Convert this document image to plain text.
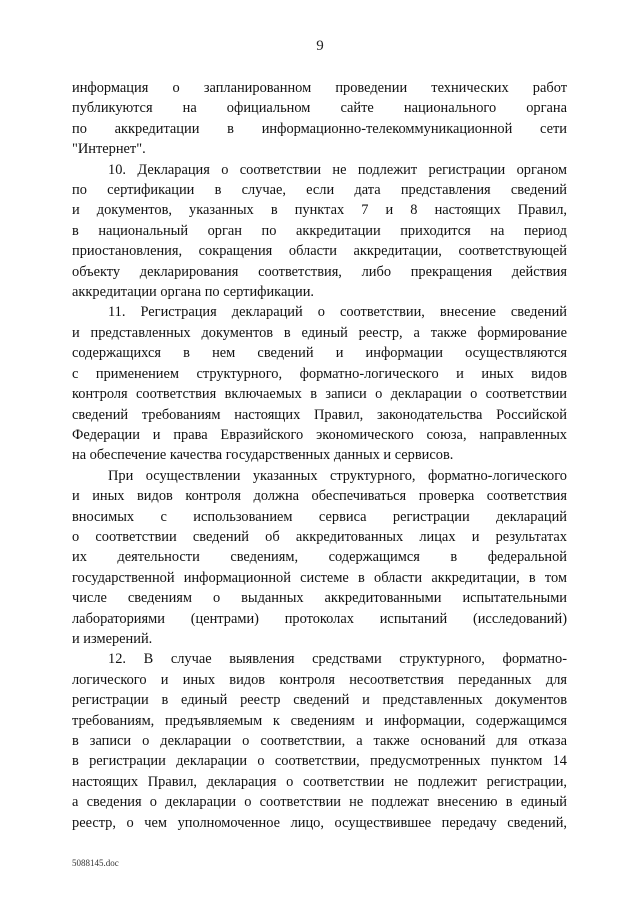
9
информация о запланированном проведении технических работ
публикуются на официальном сайте национального органа
по аккредитации в информационно-телекоммуникационной сети
"Интернет".
10. Декларация о соответствии не подлежит регистрации органом
по сертификации в случае, если дата представления сведений
и документов, указанных в пунктах 7 и 8 настоящих Правил,
в национальный орган по аккредитации приходится на период
приостановления, сокращения области аккредитации, соответствующей
объекту декларирования соответствия, либо прекращения действия
аккредитации органа по сертификации.
11. Регистрация деклараций о соответствии, внесение сведений
и представленных документов в единый реестр, а также формирование
содержащихся в нем сведений и информации осуществляются
с применением структурного, форматно-логического и иных видов
контроля соответствия включаемых в записи о декларации о соответствии
сведений требованиям настоящих Правил, законодательства Российской
Федерации и права Евразийского экономического союза, направленных
на обеспечение качества государственных данных и сервисов.
При осуществлении указанных структурного, форматно-логического
и иных видов контроля должна обеспечиваться проверка соответствия
вносимых с использованием сервиса регистрации деклараций
о соответствии сведений об аккредитованных лицах и результатах
их деятельности сведениям, содержащимся в федеральной
государственной информационной системе в области аккредитации, в том
числе сведениям о выданных аккредитованными испытательными
лабораториями (центрами) протоколах испытаний (исследований)
и измерений.
12. В случае выявления средствами структурного, форматно-
логического и иных видов контроля несоответствия переданных для
регистрации в единый реестр сведений и представленных документов
требованиям, предъявляемым к сведениям и информации, содержащимся
в записи о декларации о соответствии, а также оснований для отказа
в регистрации декларации о соответствии, предусмотренных пунктом 14
настоящих Правил, декларация о соответствии не подлежит регистрации,
а сведения о декларации о соответствии не подлежат внесению в единый
реестр, о чем уполномоченное лицо, осуществившее передачу сведений,
5088145.doc
